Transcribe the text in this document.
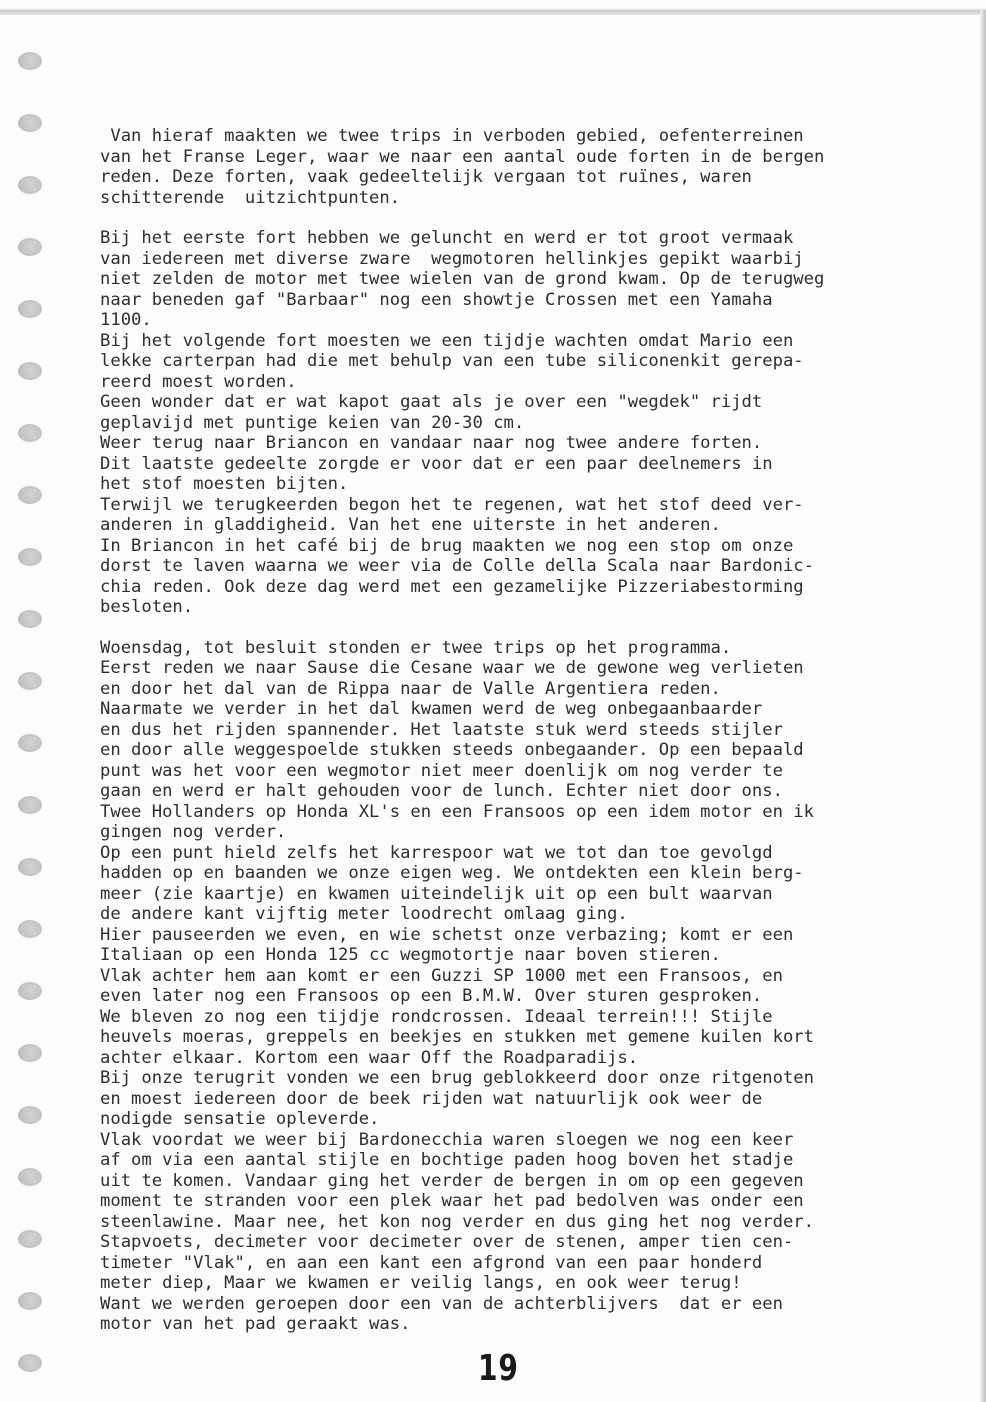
Van hieraf maakten we twee trips in verboden gebied, oefenterreinen
van het Franse Leger, waar we naar een aantal oude forten in de bergen
reden. Deze forten, vaak gedeeltelijk vergaan tot ruïnes, waren
schitterende  uitzichtpunten.
Bij het eerste fort hebben we geluncht en werd er tot groot vermaak
van iedereen met diverse zware  wegmotoren hellinkjes gepikt waarbij
niet zelden de motor met twee wielen van de grond kwam. Op de terugweg
naar beneden gaf "Barbaar" nog een showtje Crossen met een Yamaha
1100.
Bij het volgende fort moesten we een tijdje wachten omdat Mario een
lekke carterpan had die met behulp van een tube siliconenkit gerepa-
reerd moest worden.
Geen wonder dat er wat kapot gaat als je over een "wegdek" rijdt
geplavijd met puntige keien van 20-30 cm.
Weer terug naar Briancon en vandaar naar nog twee andere forten.
Dit laatste gedeelte zorgde er voor dat er een paar deelnemers in
het stof moesten bijten.
Terwijl we terugkeerden begon het te regenen, wat het stof deed ver-
anderen in gladdigheid. Van het ene uiterste in het anderen.
In Briancon in het café bij de brug maakten we nog een stop om onze
dorst te laven waarna we weer via de Colle della Scala naar Bardonic-
chia reden. Ook deze dag werd met een gezamelijke Pizzeriabestorming
besloten.
Woensdag, tot besluit stonden er twee trips op het programma.
Eerst reden we naar Sause die Cesane waar we de gewone weg verlieten
en door het dal van de Rippa naar de Valle Argentiera reden.
Naarmate we verder in het dal kwamen werd de weg onbegaanbaarder
en dus het rijden spannender. Het laatste stuk werd steeds stijler
en door alle weggespoelde stukken steeds onbegaander. Op een bepaald
punt was het voor een wegmotor niet meer doenlijk om nog verder te
gaan en werd er halt gehouden voor de lunch. Echter niet door ons.
Twee Hollanders op Honda XL's en een Fransoos op een idem motor en ik
gingen nog verder.
Op een punt hield zelfs het karrespoor wat we tot dan toe gevolgd
hadden op en baanden we onze eigen weg. We ontdekten een klein berg-
meer (zie kaartje) en kwamen uiteindelijk uit op een bult waarvan
de andere kant vijftig meter loodrecht omlaag ging.
Hier pauseerden we even, en wie schetst onze verbazing; komt er een
Italiaan op een Honda 125 cc wegmotortje naar boven stieren.
Vlak achter hem aan komt er een Guzzi SP 1000 met een Fransoos, en
even later nog een Fransoos op een B.M.W. Over sturen gesproken.
We bleven zo nog een tijdje rondcrossen. Ideaal terrein!!! Stijle
heuvels moeras, greppels en beekjes en stukken met gemene kuilen kort
achter elkaar. Kortom een waar Off the Roadparadijs.
Bij onze terugrit vonden we een brug geblokkeerd door onze ritgenoten
en moest iedereen door de beek rijden wat natuurlijk ook weer de
nodigde sensatie opleverde.
Vlak voordat we weer bij Bardonecchia waren sloegen we nog een keer
af om via een aantal stijle en bochtige paden hoog boven het stadje
uit te komen. Vandaar ging het verder de bergen in om op een gegeven
moment te stranden voor een plek waar het pad bedolven was onder een
steenlawine. Maar nee, het kon nog verder en dus ging het nog verder.
Stapvoets, decimeter voor decimeter over de stenen, amper tien cen-
timeter "Vlak", en aan een kant een afgrond van een paar honderd
meter diep, Maar we kwamen er veilig langs, en ook weer terug!
Want we werden geroepen door een van de achterblijvers  dat er een
motor van het pad geraakt was.
19
